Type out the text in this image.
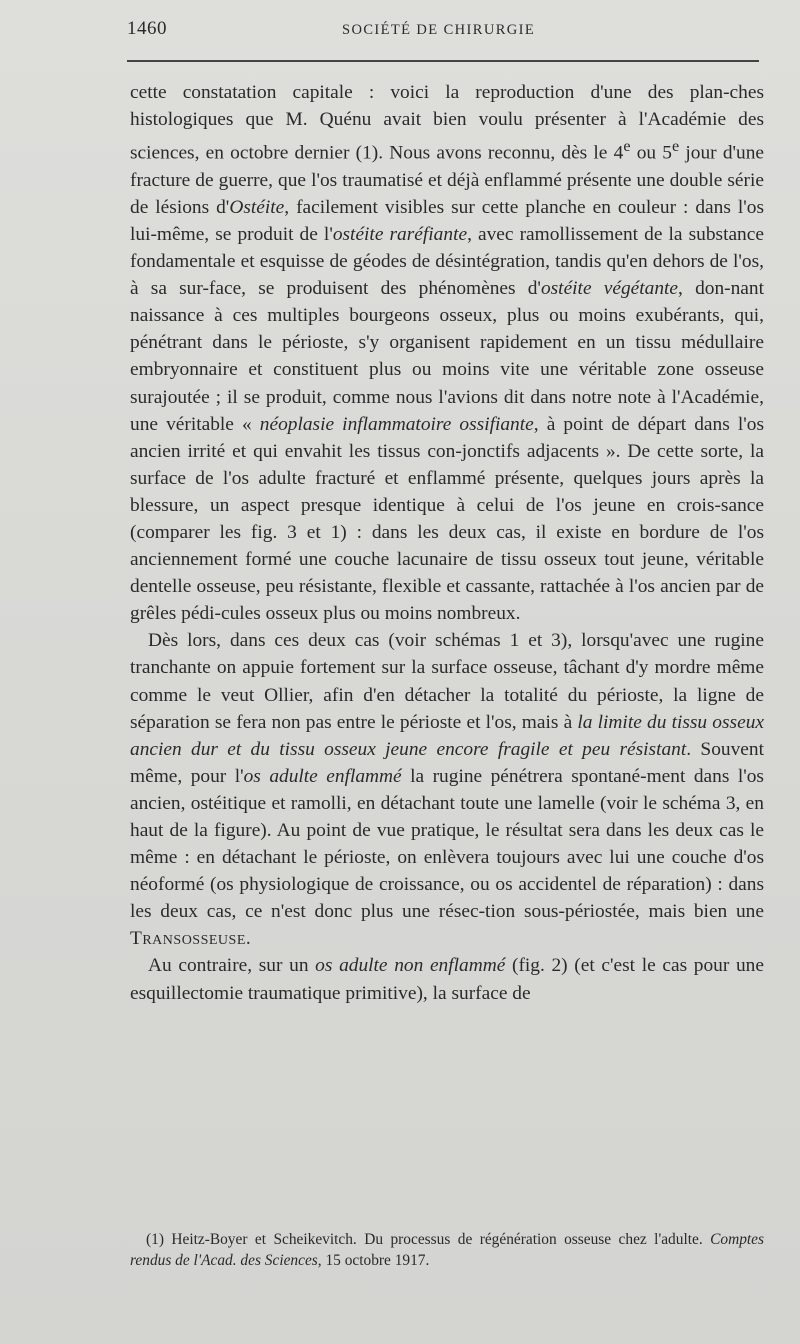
1460	SOCIÉTÉ DE CHIRURGIE

cette constatation capitale : voici la reproduction d'une des plan-ches histologiques que M. Quénu avait bien voulu présenter à l'Académie des sciences, en octobre dernier (1). Nous avons reconnu, dès le 4e ou 5e jour d'une fracture de guerre, que l'os traumatisé et déjà enflammé présente une double série de lésions d'Ostéite, facilement visibles sur cette planche en couleur : dans l'os lui-même, se produit de l'ostéite raréfiante, avec ramollissement de la substance fondamentale et esquisse de géodes de désintégration, tandis qu'en dehors de l'os, à sa sur-face, se produisent des phénomènes d'ostéite végétante, don-nant naissance à ces multiples bourgeons osseux, plus ou moins exubérants, qui, pénétrant dans le périoste, s'y organisent rapidement en un tissu médullaire embryonnaire et constituent plus ou moins vite une véritable zone osseuse surajoutée ; il se produit, comme nous l'avions dit dans notre note à l'Académie, une véritable « néoplasie inflammatoire ossifiante, à point de départ dans l'os ancien irrité et qui envahit les tissus con-jonctifs adjacents ». De cette sorte, la surface de l'os adulte fracturé et enflammé présente, quelques jours après la blessure, un aspect presque identique à celui de l'os jeune en crois-sance (comparer les fig. 3 et 1) : dans les deux cas, il existe en bordure de l'os anciennement formé une couche lacunaire de tissu osseux tout jeune, véritable dentelle osseuse, peu résistante, flexible et cassante, rattachée à l'os ancien par de grêles pédi-cules osseux plus ou moins nombreux.

Dès lors, dans ces deux cas (voir schémas 1 et 3), lorsqu'avec une rugine tranchante on appuie fortement sur la surface osseuse, tâchant d'y mordre même comme le veut Ollier, afin d'en détacher la totalité du périoste, la ligne de séparation se fera non pas entre le périoste et l'os, mais à la limite du tissu osseux ancien dur et du tissu osseux jeune encore fragile et peu résistant. Souvent même, pour l'os adulte enflammé la rugine pénétrera spontané-ment dans l'os ancien, ostéitique et ramolli, en détachant toute une lamelle (voir le schéma 3, en haut de la figure). Au point de vue pratique, le résultat sera dans les deux cas le même : en détachant le périoste, on enlèvera toujours avec lui une couche d'os néoformé (os physiologique de croissance, ou os accidentel de réparation) : dans les deux cas, ce n'est donc plus une résec-tion sous-périostée, mais bien une Transosseuse.

Au contraire, sur un os adulte non enflammé (fig. 2) (et c'est le cas pour une esquillectomie traumatique primitive), la surface de

(1) Heitz-Boyer et Scheikevitch. Du processus de régénération osseuse chez l'adulte. Comptes rendus de l'Acad. des Sciences, 15 octobre 1917.
